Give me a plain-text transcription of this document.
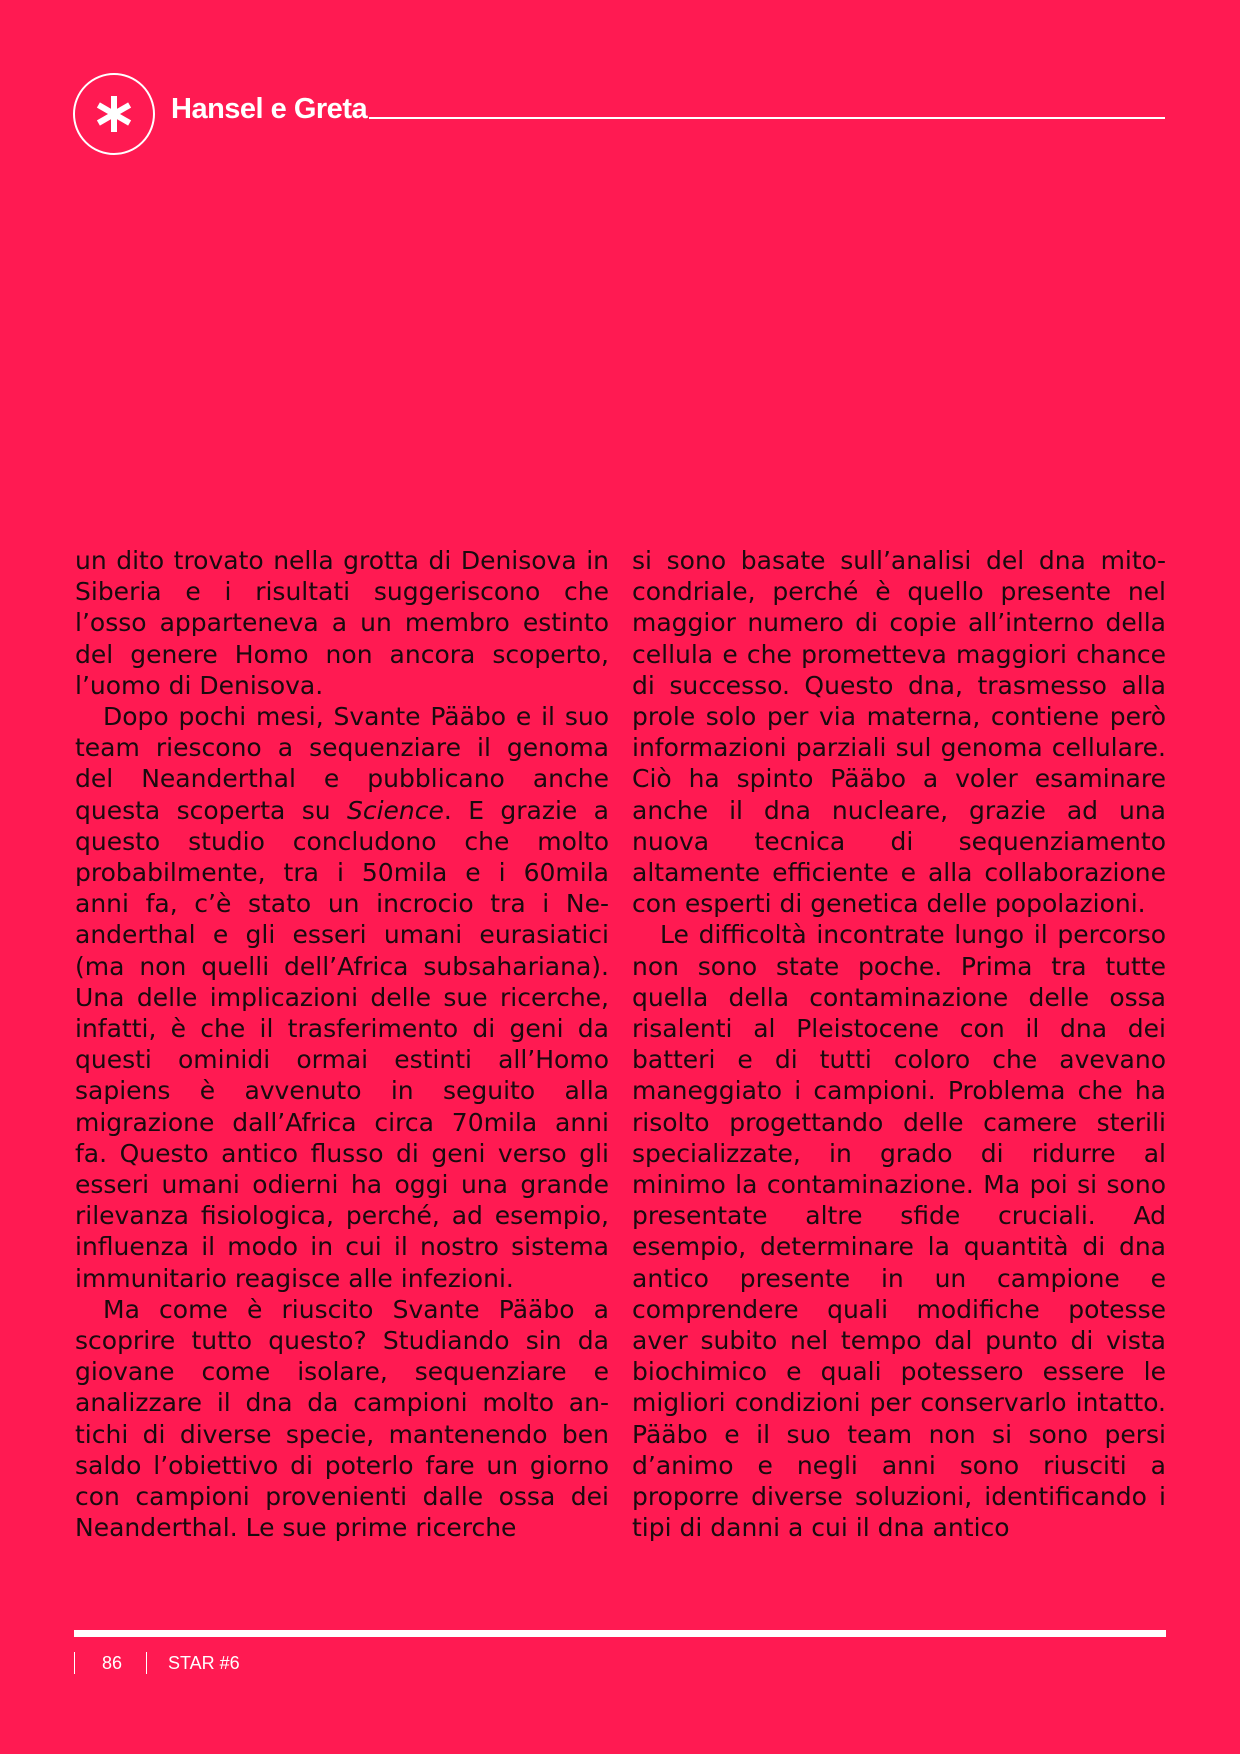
Hansel e Greta

un dito trovato nella grotta di Denisova in Siberia e i risultati suggeriscono che l’osso apparteneva a un membro estinto del genere Homo non ancora scoperto, l’uomo di Denisova.

Dopo pochi mesi, Svante Pääbo e il suo team riescono a sequenziare il genoma del Neanderthal e pubblicano anche questa scoperta su Science. E grazie a questo studio concludono che molto probabilmente, tra i 50mila e i 60mila anni fa, c’è stato un incrocio tra i Neanderthal e gli esseri umani eurasiatici (ma non quelli dell’Africa subsahariana). Una delle implicazioni delle sue ricerche, infatti, è che il trasferimento di geni da questi ominidi ormai estinti all’Homo sapiens è avvenuto in seguito alla migrazione dall’Africa circa 70mila anni fa. Questo antico flusso di geni verso gli esseri umani odierni ha oggi una grande rilevanza fisiologica, perché, ad esempio, influenza il modo in cui il nostro sistema immunitario reagisce alle infezioni.

Ma come è riuscito Svante Pääbo a scoprire tutto questo? Studiando sin da giovane come isolare, sequenziare e analizzare il dna da campioni molto antichi di diverse specie, mantenendo ben saldo l’obiettivo di poterlo fare un giorno con campioni provenienti dalle ossa dei Neanderthal. Le sue prime ricerche

si sono basate sull’analisi del dna mitocondriale, perché è quello presente nel maggior numero di copie all’interno della cellula e che prometteva maggiori chance di successo. Questo dna, trasmesso alla prole solo per via materna, contiene però informazioni parziali sul genoma cellulare. Ciò ha spinto Pääbo a voler esaminare anche il dna nucleare, grazie ad una nuova tecnica di sequenziamento altamente efficiente e alla collaborazione con esperti di genetica delle popolazioni.

Le difficoltà incontrate lungo il percorso non sono state poche. Prima tra tutte quella della contaminazione delle ossa risalenti al Pleistocene con il dna dei batteri e di tutti coloro che avevano maneggiato i campioni. Problema che ha risolto progettando delle camere sterili specializzate, in grado di ridurre al minimo la contaminazione. Ma poi si sono presentate altre sfide cruciali. Ad esempio, determinare la quantità di dna antico presente in un campione e comprendere quali modifiche potesse aver subito nel tempo dal punto di vista biochimico e quali potessero essere le migliori condizioni per conservarlo intatto. Pääbo e il suo team non si sono persi d’animo e negli anni sono riusciti a proporre diverse soluzioni, identificando i tipi di danni a cui il dna antico

86	STAR #6
